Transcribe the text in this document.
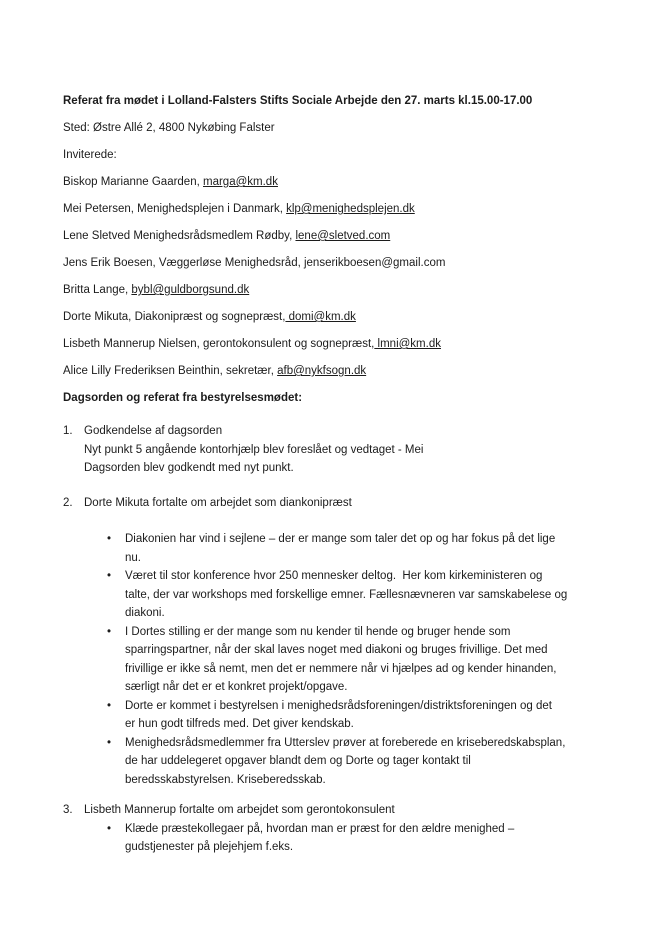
Referat fra mødet i Lolland-Falsters Stifts Sociale Arbejde den 27. marts kl.15.00-17.00

Sted: Østre Allé 2, 4800 Nykøbing Falster

Inviterede:

Biskop Marianne Gaarden, marga@km.dk

Mei Petersen, Menighedsplejen i Danmark, klp@menighedsplejen.dk

Lene Sletved Menighedsrådsmedlem Rødby, lene@sletved.com

Jens Erik Boesen, Væggerløse Menighedsråd, jenserikboesen@gmail.com

Britta Lange, bybl@guldborgsund.dk

Dorte Mikuta, Diakonipræst og sognepræst, domi@km.dk

Lisbeth Mannerup Nielsen, gerontokonsulent og sognepræst, lmni@km.dk

Alice Lilly Frederiksen Beinthin, sekretær, afb@nykfsogn.dk

Dagsorden og referat fra bestyrelsesmødet:

1. Godkendelse af dagsorden
Nyt punkt 5 angående kontorhjælp blev foreslået og vedtaget - Mei
Dagsorden blev godkendt med nyt punkt.
2. Dorte Mikuta fortalte om arbejdet som diankonipræst
•	Diakonien har vind i sejlene – der er mange som taler det op og har fokus på det lige
nu.
•	Været til stor konference hvor 250 mennesker deltog.  Her kom kirkeministeren og
talte, der var workshops med forskellige emner. Fællesnævneren var samskabelese og
diakoni.
•	I Dortes stilling er der mange som nu kender til hende og bruger hende som
sparringspartner, når der skal laves noget med diakoni og bruges frivillige. Det med
frivillige er ikke så nemt, men det er nemmere når vi hjælpes ad og kender hinanden,
særligt når det er et konkret projekt/opgave.
•	Dorte er kommet i bestyrelsen i menighedsrådsforeningen/distriktsforeningen og det
er hun godt tilfreds med. Det giver kendskab.
•	Menighedsrådsmedlemmer fra Utterslev prøver at foreberede en kriseberedskabsplan,
de har uddelegeret opgaver blandt dem og Dorte og tager kontakt til
beredsskabstyrelsen. Kriseberedsskab.
3. Lisbeth Mannerup fortalte om arbejdet som gerontokonsulent
•	Klæde præstekollegaer på, hvordan man er præst for den ældre menighed –
gudstjenester på plejehjem f.eks.
